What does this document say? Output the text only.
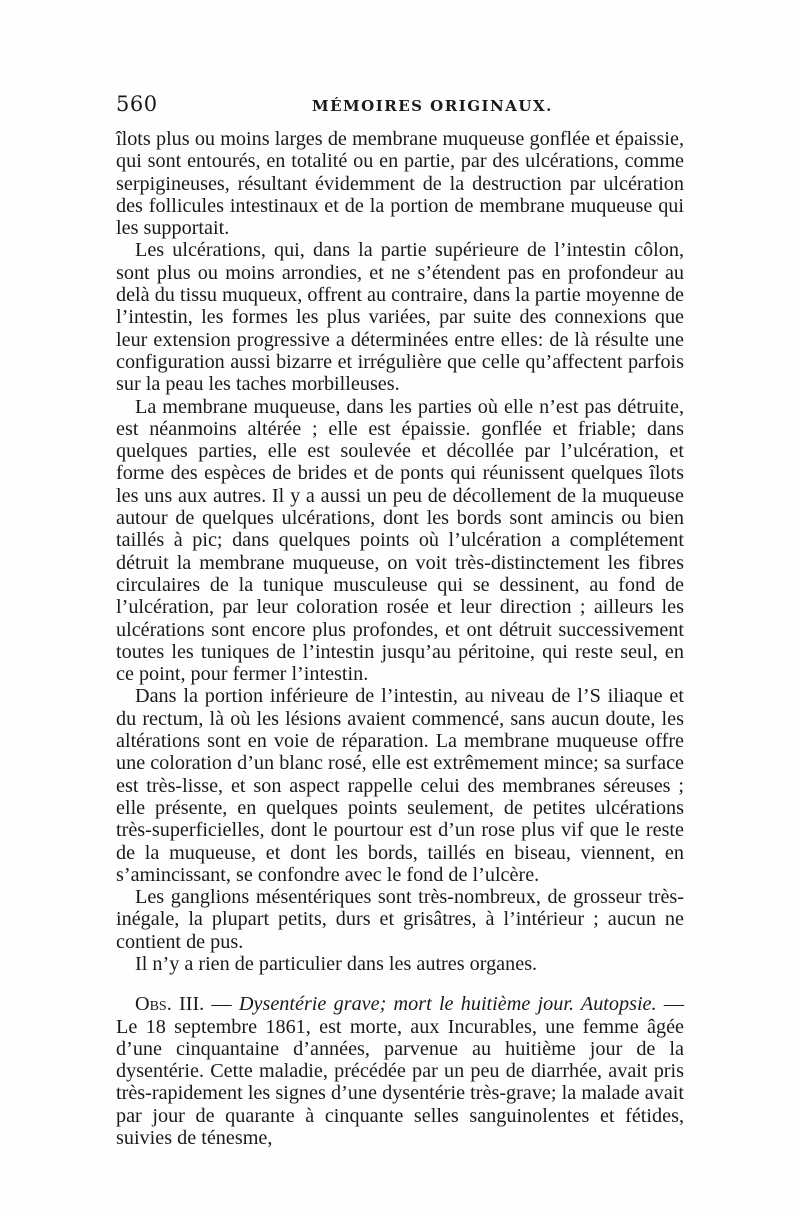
560	MÉMOIRES ORIGINAUX.

îlots plus ou moins larges de membrane muqueuse gonflée et épaissie, qui sont entourés, en totalité ou en partie, par des ulcérations, comme serpigineuses, résultant évidemment de la destruction par ulcération des follicules intestinaux et de la portion de membrane muqueuse qui les supportait.

Les ulcérations, qui, dans la partie supérieure de l’intestin côlon, sont plus ou moins arrondies, et ne s’étendent pas en profondeur au delà du tissu muqueux, offrent au contraire, dans la partie moyenne de l’intestin, les formes les plus variées, par suite des connexions que leur extension progressive a déterminées entre elles: de là résulte une configuration aussi bizarre et irrégulière que celle qu’affectent parfois sur la peau les taches morbilleuses.

La membrane muqueuse, dans les parties où elle n’est pas détruite, est néanmoins altérée ; elle est épaissie. gonflée et friable; dans quelques parties, elle est soulevée et décollée par l’ulcération, et forme des espèces de brides et de ponts qui réunissent quelques îlots les uns aux autres. Il y a aussi un peu de décollement de la muqueuse autour de quelques ulcérations, dont les bords sont amincis ou bien taillés à pic; dans quelques points où l’ulcération a complétement détruit la membrane muqueuse, on voit très-distinctement les fibres circulaires de la tunique musculeuse qui se dessinent, au fond de l’ulcération, par leur coloration rosée et leur direction ; ailleurs les ulcérations sont encore plus profondes, et ont détruit successivement toutes les tuniques de l’intestin jusqu’au péritoine, qui reste seul, en ce point, pour fermer l’intestin.

Dans la portion inférieure de l’intestin, au niveau de l’S iliaque et du rectum, là où les lésions avaient commencé, sans aucun doute, les altérations sont en voie de réparation. La membrane muqueuse offre une coloration d’un blanc rosé, elle est extrêmement mince; sa surface est très-lisse, et son aspect rappelle celui des membranes séreuses ; elle présente, en quelques points seulement, de petites ulcérations très-superficielles, dont le pourtour est d’un rose plus vif que le reste de la muqueuse, et dont les bords, taillés en biseau, viennent, en s’amincissant, se confondre avec le fond de l’ulcère.

Les ganglions mésentériques sont très-nombreux, de grosseur très-inégale, la plupart petits, durs et grisâtres, à l’intérieur ; aucun ne contient de pus.

Il n’y a rien de particulier dans les autres organes.

Obs. III. — Dysentérie grave; mort le huitième jour. Autopsie. — Le 18 septembre 1861, est morte, aux Incurables, une femme âgée d’une cinquantaine d’années, parvenue au huitième jour de la dysentérie. Cette maladie, précédée par un peu de diarrhée, avait pris très-rapidement les signes d’une dysentérie très-grave; la malade avait par jour de quarante à cinquante selles sanguinolentes et fétides, suivies de ténesme,
